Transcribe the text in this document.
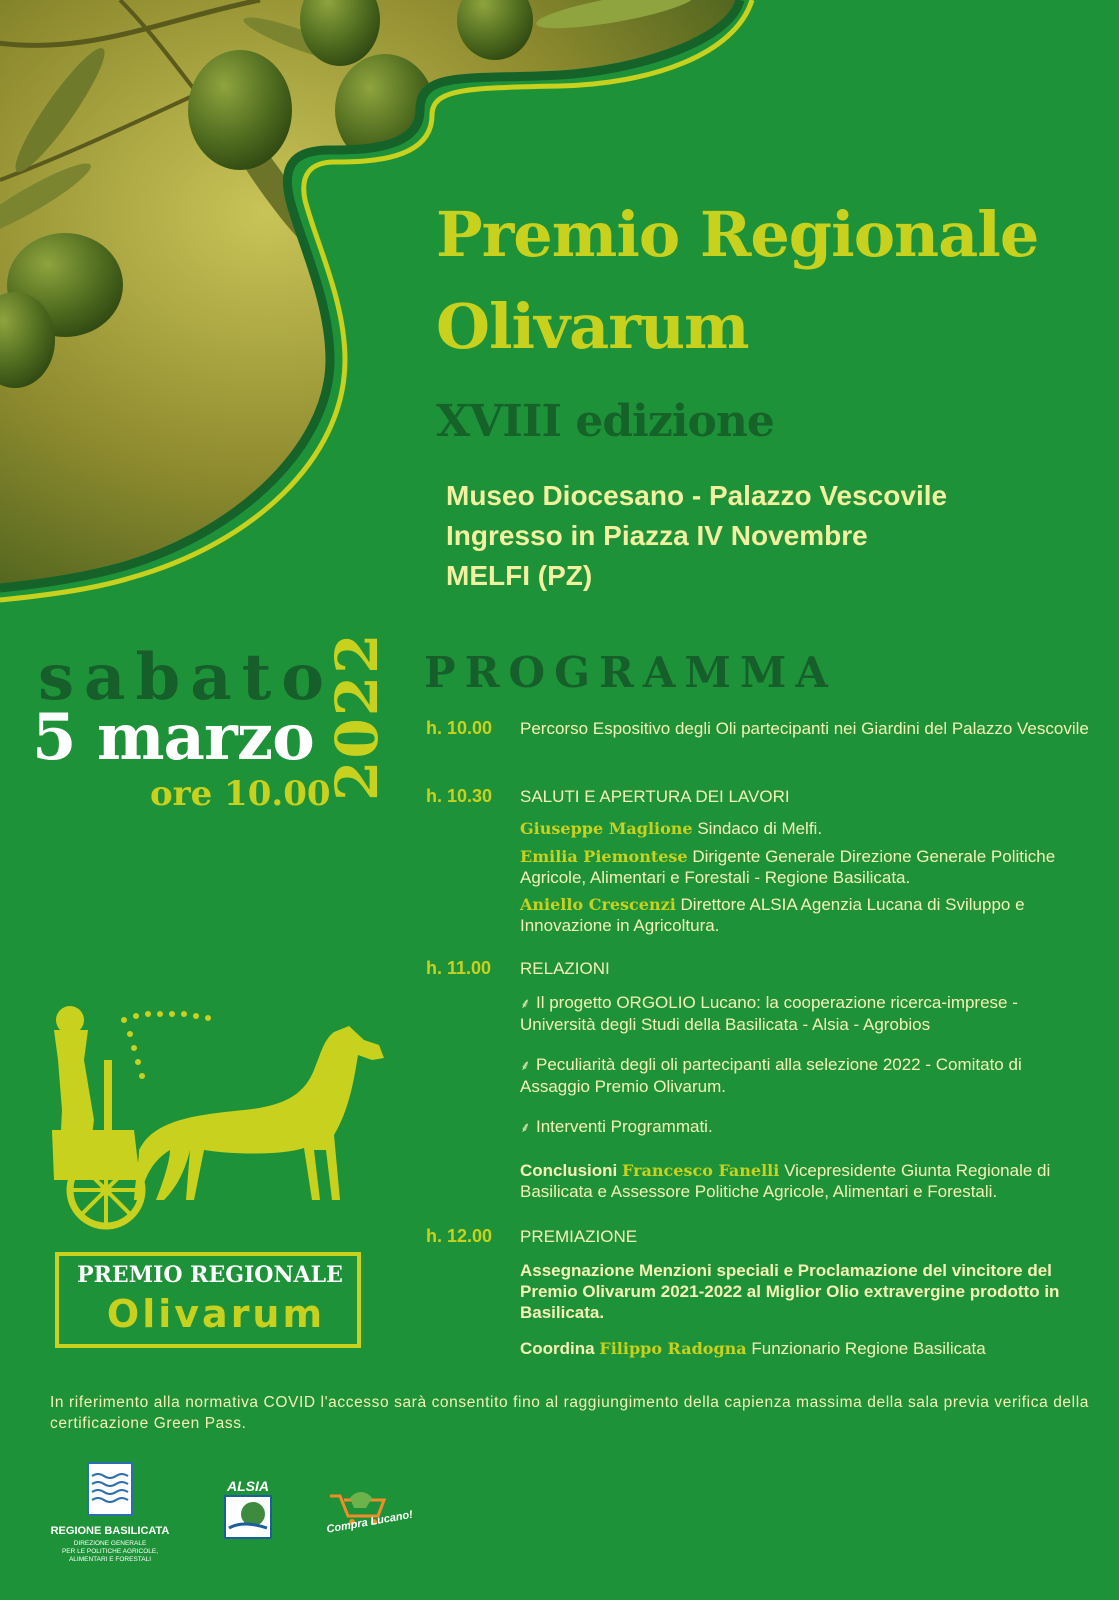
Premio Regionale
Olivarum
XVIII edizione
Museo Diocesano - Palazzo Vescovile
Ingresso in Piazza IV Novembre
MELFI (PZ)
sabato
5 marzo
ore 10.00
2022 PROGRAMMA
h. 10.00 Percorso Espositivo degli Oli partecipanti nei Giardini del Palazzo Vescovile
h. 10.30 SALUTI E APERTURA DEI LAVORI
Giuseppe Maglione Sindaco di Melfi.
Emilia Piemontese Dirigente Generale Direzione Generale Politiche Agricole, Alimentari e Forestali - Regione Basilicata.
Aniello Crescenzi Direttore ALSIA Agenzia Lucana di Sviluppo e Innovazione in Agricoltura.
h. 11.00 RELAZIONI
⸙ Il progetto ORGOLIO Lucano: la cooperazione ricerca-imprese - Università degli Studi della Basilicata - Alsia - Agrobios
⸙ Peculiarità degli oli partecipanti alla selezione 2022 - Comitato di Assaggio Premio Olivarum.
⸙ Interventi Programmati.
Conclusioni Francesco Fanelli Vicepresidente Giunta Regionale di Basilicata e Assessore Politiche Agricole, Alimentari e Forestali.
h. 12.00 PREMIAZIONE
Assegnazione Menzioni speciali e Proclamazione del vincitore del Premio Olivarum 2021-2022 al Miglior Olio extravergine prodotto in Basilicata.
Coordina Filippo Radogna Funzionario Regione Basilicata
PREMIO REGIONALE
Olivarum
In riferimento alla normativa COVID l'accesso sarà consentito fino al raggiungimento della capienza massima della sala previa verifica della certificazione Green Pass.
REGIONE BASILICATA
DIREZIONE GENERALE
PER LE POLITICHE AGRICOLE,
ALIMENTARI E FORESTALI
ALSIA
Compra Lucano!
